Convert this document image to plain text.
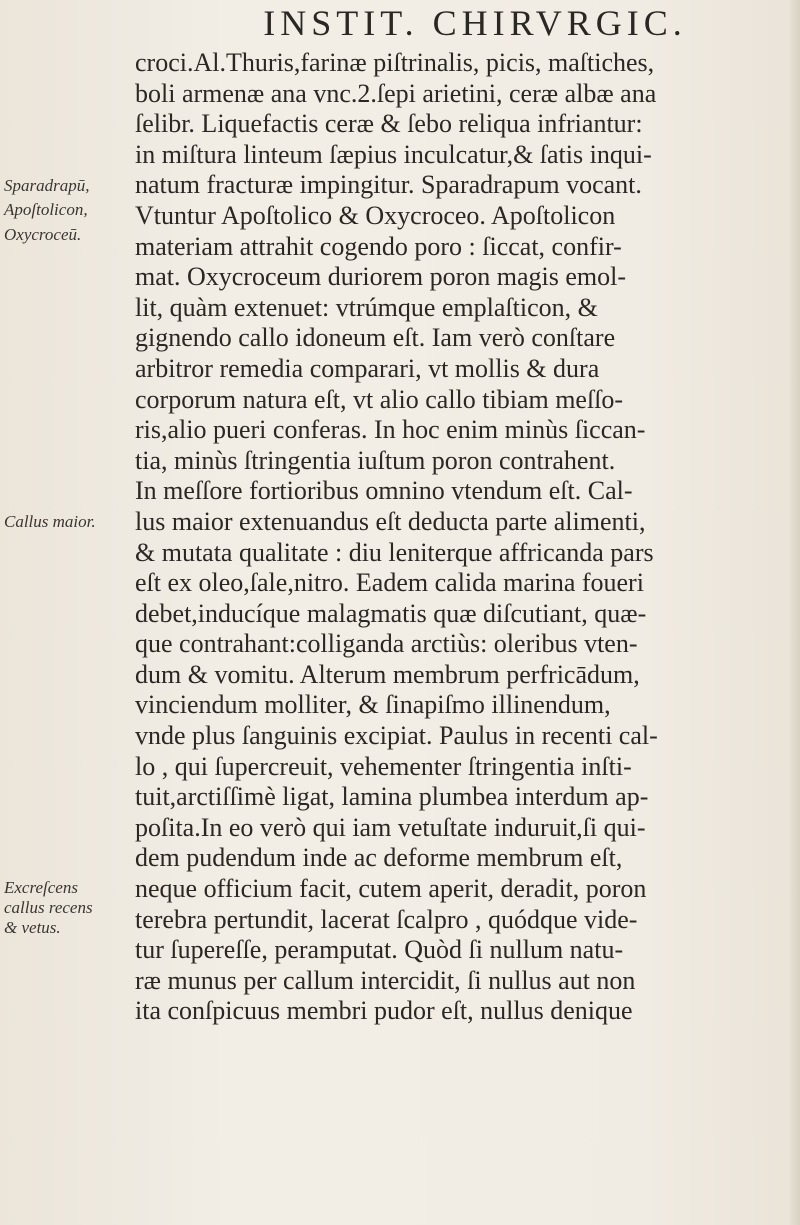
INSTIT. CHIRVRGIC.
Sparadrapū,
Apoſtolicon,
Oxycroceū.
Callus maior.
Excreſcens
callus recens
& vetus.
croci.Al.Thuris,farinæ piſtrinalis, picis, maſtiches,
boli armenæ ana vnc.2.ſepi arietini, ceræ albæ ana
ſelibr. Liquefactis ceræ & ſebo reliqua infriantur:
in miſtura linteum ſæpius inculcatur,& ſatis inqui-
natum fracturæ impingitur. Sparadrapum vocant.
Vtuntur Apoſtolico & Oxycroceo. Apoſtolicon
materiam attrahit cogendo poro : ſiccat, confir-
mat. Oxycroceum duriorem poron magis emol-
lit, quàm extenuet: vtrúmque emplaſticon, &
gignendo callo idoneum eſt. Iam verò conſtare
arbitror remedia comparari, vt mollis & dura
corporum natura eſt, vt alio callo tibiam meſſo-
ris,alio pueri conferas. In hoc enim minùs ſiccan-
tia, minùs ſtringentia iuſtum poron contrahent.
In meſſore fortioribus omnino vtendum eſt. Cal-
lus maior extenuandus eſt deducta parte alimenti,
& mutata qualitate : diu leniterque affricanda pars
eſt ex oleo,ſale,nitro. Eadem calida marina foueri
debet,inducíque malagmatis quæ diſcutiant, quæ-
que contrahant:colliganda arctiùs: oleribus vten-
dum & vomitu. Alterum membrum perfricādum,
vinciendum molliter, & ſinapiſmo illinendum,
vnde plus ſanguinis excipiat. Paulus in recenti cal-
lo , qui ſupercreuit, vehementer ſtringentia inſti-
tuit,arctiſſimè ligat, lamina plumbea interdum ap-
poſita.In eo verò qui iam vetuſtate induruit,ſi qui-
dem pudendum inde ac deforme membrum eſt,
neque officium facit, cutem aperit, deradit, poron
terebra pertundit, lacerat ſcalpro , quódque vide-
tur ſupereſſe, peramputat. Quòd ſi nullum natu-
ræ munus per callum intercidit, ſi nullus aut non
ita conſpicuus membri pudor eſt, nullus denique
